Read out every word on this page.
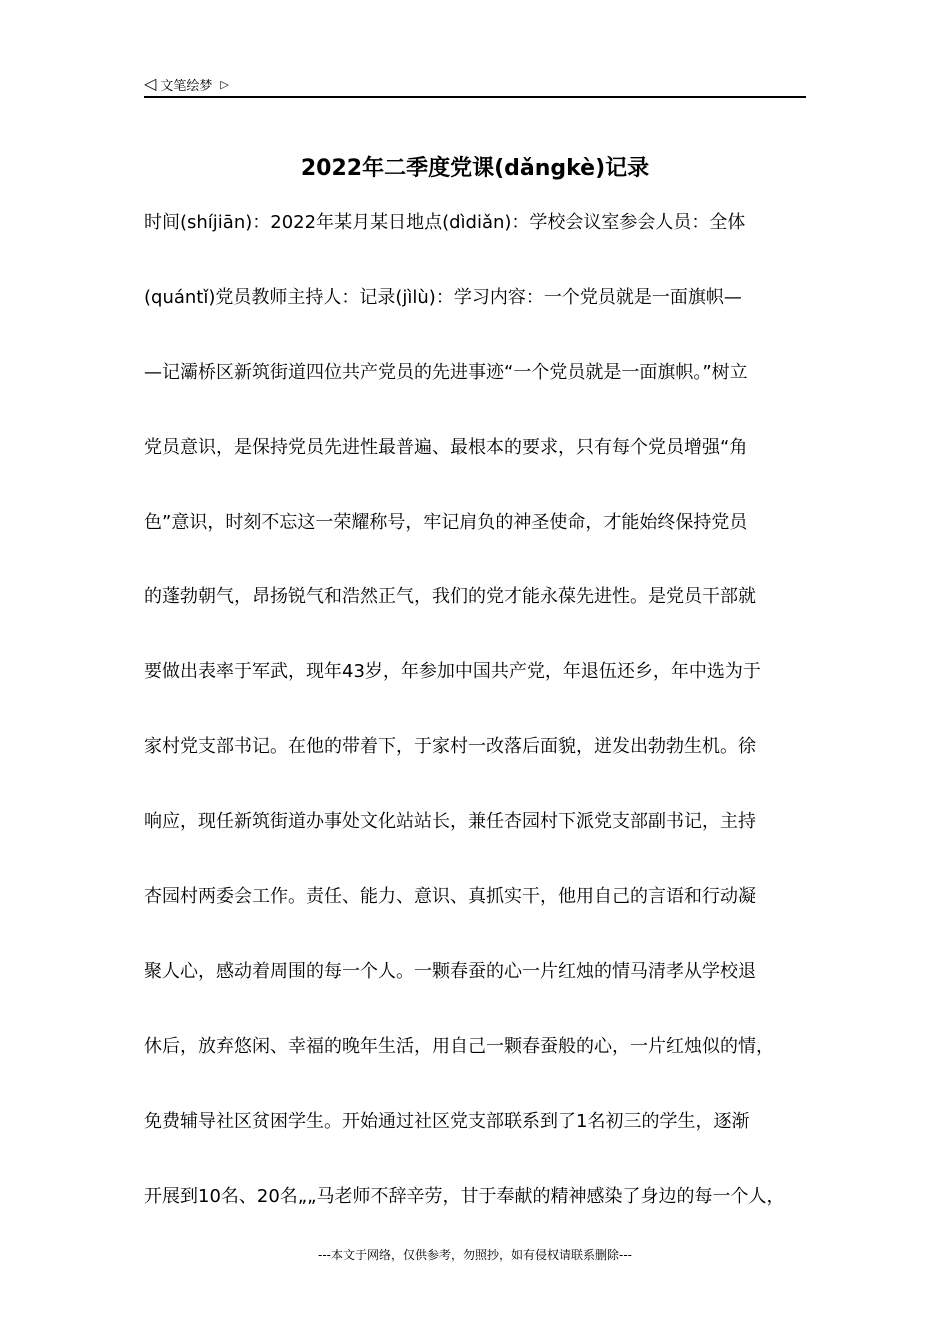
◁ 文笔绘梦 ▷
2022年二季度党课(dǎngkè)记录
时间(shíjiān)：2022年某月某日地点(dìdiǎn)：学校会议室参会人员：全体
(quántǐ)党员教师主持人：记录(jìlù)：学习内容：一个党员就是一面旗帜—
—记灞桥区新筑街道四位共产党员的先进事迹“一个党员就是一面旗帜。”树立
党员意识，是保持党员先进性最普遍、最根本的要求，只有每个党员增强“角
色”意识，时刻不忘这一荣耀称号，牢记肩负的神圣使命，才能始终保持党员
的蓬勃朝气，昂扬锐气和浩然正气，我们的党才能永葆先进性。是党员干部就
要做出表率于军武，现年43岁，年参加中国共产党，年退伍还乡，年中选为于
家村党支部书记。在他的带着下，于家村一改落后面貌，迸发出勃勃生机。徐
响应，现任新筑街道办事处文化站站长，兼任杏园村下派党支部副书记，主持
杏园村两委会工作。责任、能力、意识、真抓实干，他用自己的言语和行动凝
聚人心，感动着周围的每一个人。一颗春蚕的心一片红烛的情马清孝从学校退
休后，放弃悠闲、幸福的晚年生活，用自己一颗春蚕般的心，一片红烛似的情，
免费辅导社区贫困学生。开始通过社区党支部联系到了1名初三的学生，逐渐
开展到10名、20名„„马老师不辞辛劳，甘于奉献的精神感染了身边的每一个人，
---本文于网络，仅供参考，勿照抄，如有侵权请联系删除---
